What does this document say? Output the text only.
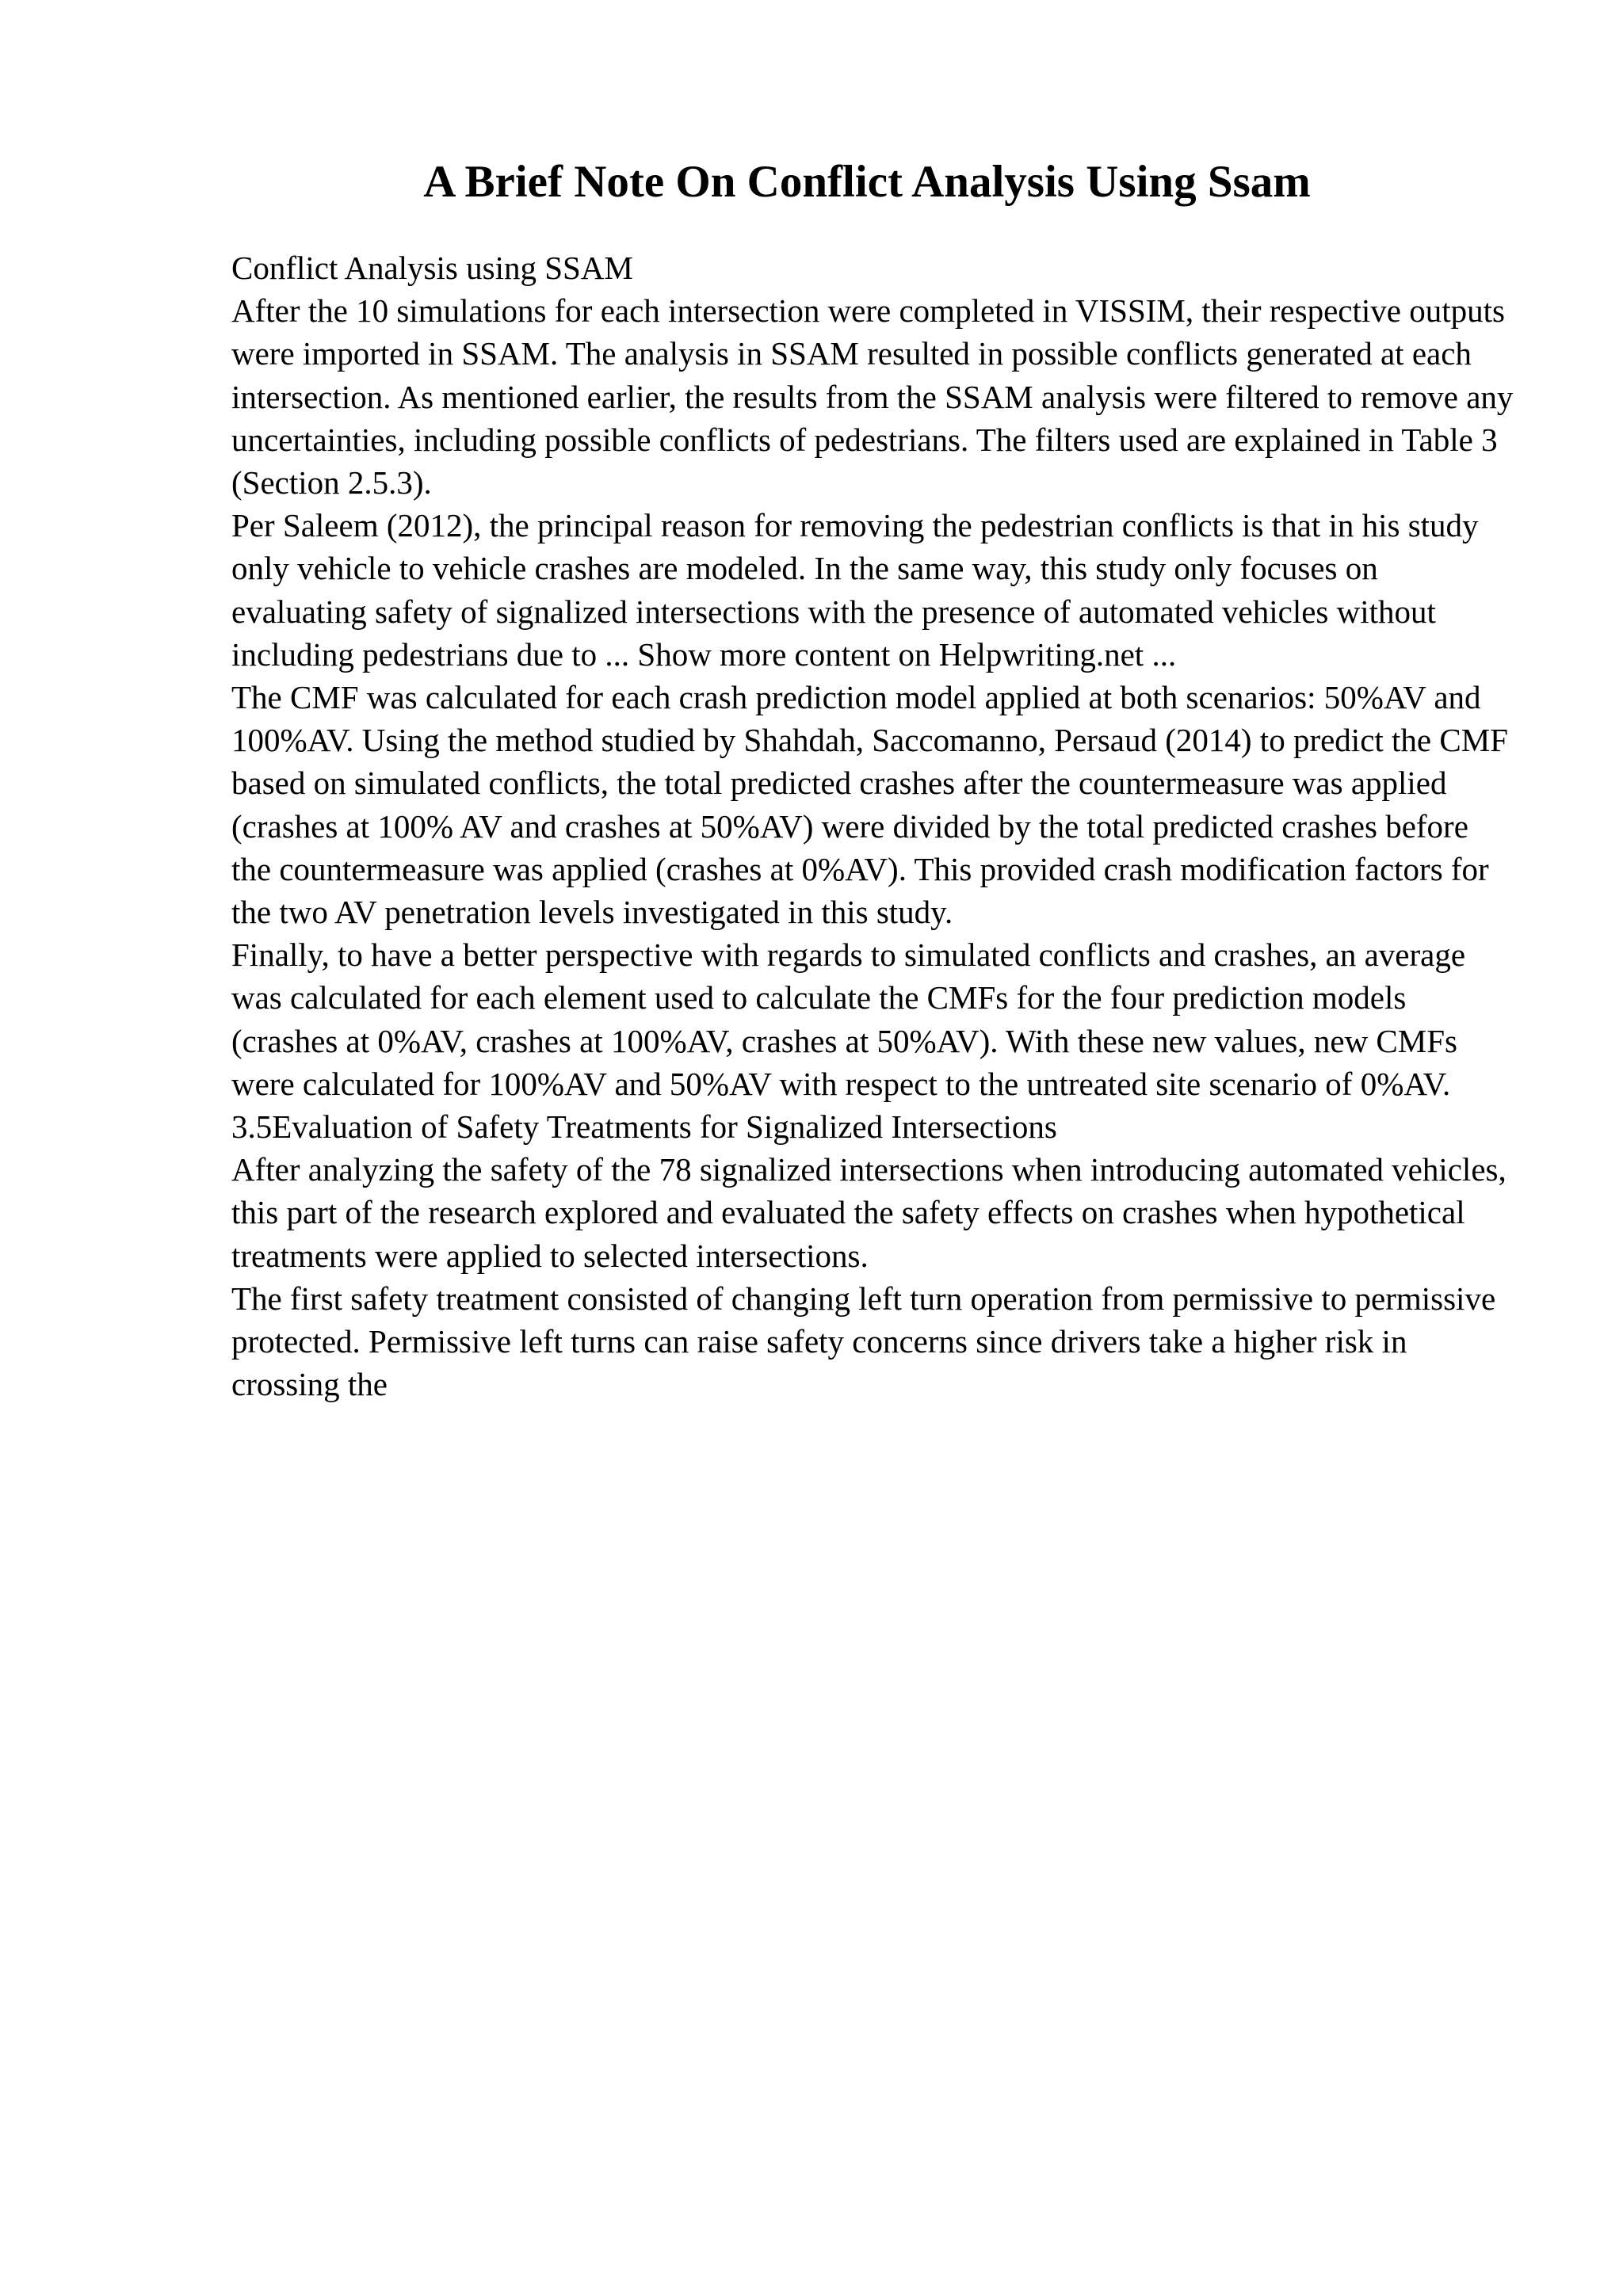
A Brief Note On Conflict Analysis Using Ssam

Conflict Analysis using SSAM

After the 10 simulations for each intersection were completed in VISSIM, their respective outputs were imported in SSAM. The analysis in SSAM resulted in possible conflicts generated at each intersection. As mentioned earlier, the results from the SSAM analysis were filtered to remove any uncertainties, including possible conflicts of pedestrians. The filters used are explained in Table 3 (Section 2.5.3).

Per Saleem (2012), the principal reason for removing the pedestrian conflicts is that in his study only vehicle to vehicle crashes are modeled. In the same way, this study only focuses on evaluating safety of signalized intersections with the presence of automated vehicles without including pedestrians due to ... Show more content on Helpwriting.net ...

The CMF was calculated for each crash prediction model applied at both scenarios: 50%AV and 100%AV. Using the method studied by Shahdah, Saccomanno, Persaud (2014) to predict the CMF based on simulated conflicts, the total predicted crashes after the countermeasure was applied (crashes at 100% AV and crashes at 50%AV) were divided by the total predicted crashes before the countermeasure was applied (crashes at 0%AV). This provided crash modification factors for the two AV penetration levels investigated in this study.

Finally, to have a better perspective with regards to simulated conflicts and crashes, an average was calculated for each element used to calculate the CMFs for the four prediction models (crashes at 0%AV, crashes at 100%AV, crashes at 50%AV). With these new values, new CMFs were calculated for 100%AV and 50%AV with respect to the untreated site scenario of 0%AV.

3.5Evaluation of Safety Treatments for Signalized Intersections

After analyzing the safety of the 78 signalized intersections when introducing automated vehicles, this part of the research explored and evaluated the safety effects on crashes when hypothetical treatments were applied to selected intersections.

The first safety treatment consisted of changing left turn operation from permissive to permissive protected. Permissive left turns can raise safety concerns since drivers take a higher risk in crossing the
